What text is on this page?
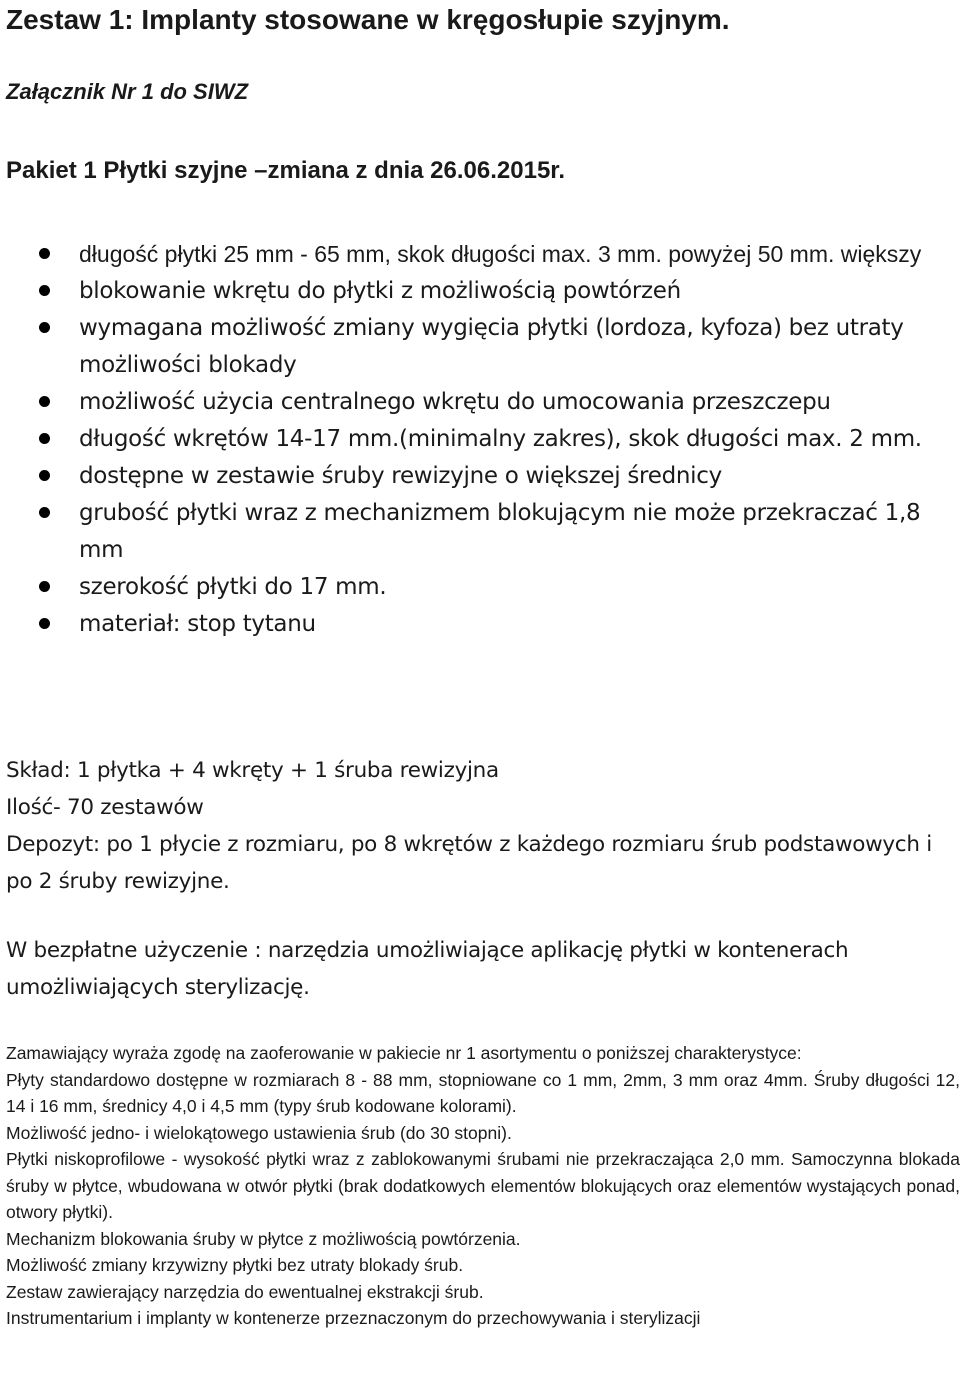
Zestaw 1: Implanty stosowane w kręgosłupie szyjnym.
Załącznik Nr 1 do SIWZ
Pakiet 1 Płytki szyjne –zmiana z dnia 26.06.2015r.
długość płytki 25 mm - 65 mm, skok długości max. 3 mm. powyżej 50 mm. większy
blokowanie wkrętu do płytki z możliwością powtórzeń
wymagana możliwość zmiany wygięcia płytki (lordoza, kyfoza) bez utraty możliwości blokady
możliwość użycia centralnego wkrętu do umocowania przeszczepu
długość wkrętów 14-17 mm.(minimalny zakres), skok długości max. 2 mm.
dostępne w zestawie śruby rewizyjne o większej średnicy
grubość płytki wraz z mechanizmem blokującym nie może przekraczać 1,8 mm
szerokość płytki do 17 mm.
materiał: stop tytanu

Skład: 1 płytka + 4 wkręty + 1 śruba rewizyjna

Ilość- 70 zestawów

Depozyt: po 1 płycie z rozmiaru, po 8 wkrętów z każdego rozmiaru śrub podstawowych i po 2 śruby rewizyjne.

W bezpłatne użyczenie : narzędzia umożliwiające aplikację płytki w kontenerach umożliwiających sterylizację.

Zamawiający wyraża zgodę na zaoferowanie w pakiecie nr 1 asortymentu o poniższej charakterystyce:

Płyty standardowo dostępne w rozmiarach 8 - 88 mm, stopniowane co 1 mm, 2mm, 3 mm oraz 4mm. Śruby długości 12, 14 i 16 mm, średnicy 4,0 i 4,5 mm (typy śrub kodowane kolorami).

Możliwość jedno- i wielokątowego ustawienia śrub (do 30 stopni).

Płytki niskoprofilowe - wysokość płytki wraz z zablokowanymi śrubami nie przekraczająca 2,0 mm. Samoczynna blokada śruby w płytce, wbudowana w otwór płytki (brak dodatkowych elementów blokujących oraz elementów wystających ponad, otwory płytki).

Mechanizm blokowania śruby w płytce z możliwością powtórzenia.

Możliwość zmiany krzywizny płytki bez utraty blokady śrub.

Zestaw zawierający narzędzia do ewentualnej ekstrakcji śrub.

Instrumentarium i implanty w kontenerze przeznaczonym do przechowywania i sterylizacji
